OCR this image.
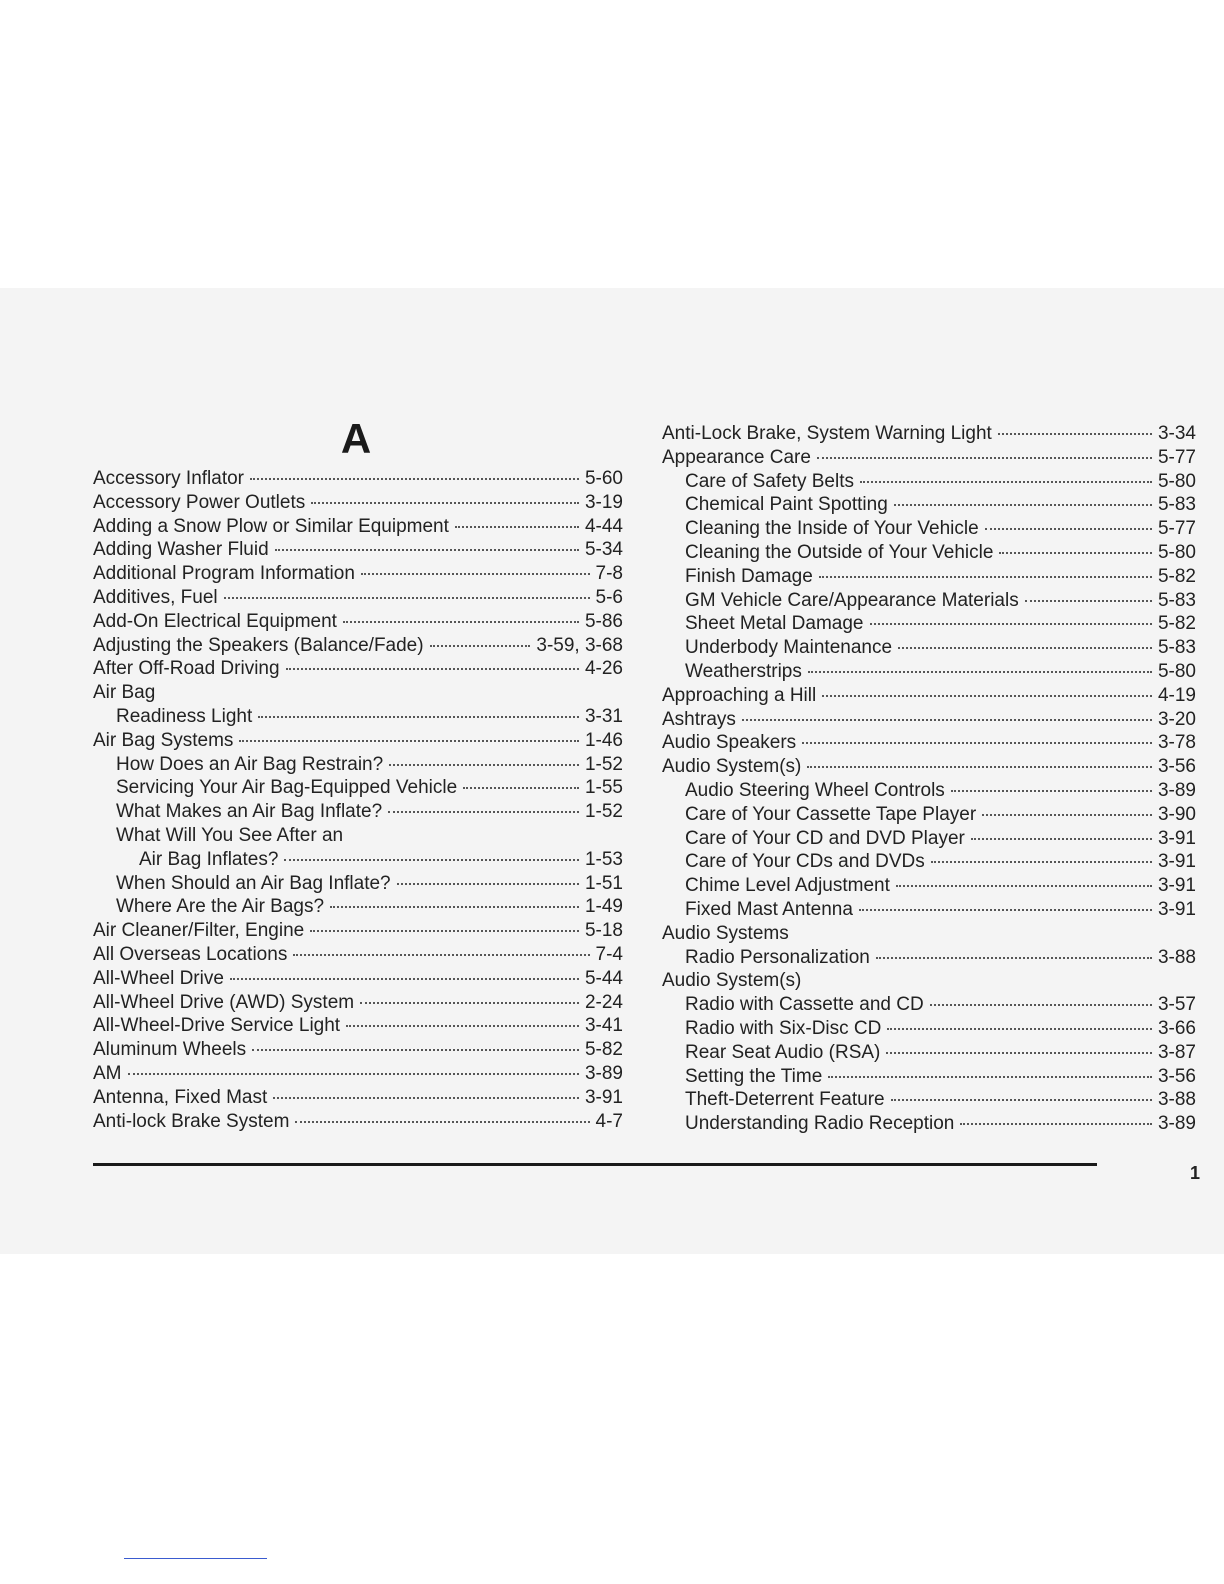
A
Accessory Inflator	5-60
Accessory Power Outlets	3-19
Adding a Snow Plow or Similar Equipment	4-44
Adding Washer Fluid	5-34
Additional Program Information	7-8
Additives, Fuel	5-6
Add-On Electrical Equipment	5-86
Adjusting the Speakers (Balance/Fade)	3-59, 3-68
After Off-Road Driving	4-26
Air Bag
Readiness Light	3-31
Air Bag Systems	1-46
How Does an Air Bag Restrain?	1-52
Servicing Your Air Bag-Equipped Vehicle	1-55
What Makes an Air Bag Inflate?	1-52
What Will You See After an
Air Bag Inflates?	1-53
When Should an Air Bag Inflate?	1-51
Where Are the Air Bags?	1-49
Air Cleaner/Filter, Engine	5-18
All Overseas Locations	7-4
All-Wheel Drive	5-44
All-Wheel Drive (AWD) System	2-24
All-Wheel-Drive Service Light	3-41
Aluminum Wheels	5-82
AM	3-89
Antenna, Fixed Mast	3-91
Anti-lock Brake System	4-7
Anti-Lock Brake, System Warning Light	3-34
Appearance Care	5-77
Care of Safety Belts	5-80
Chemical Paint Spotting	5-83
Cleaning the Inside of Your Vehicle	5-77
Cleaning the Outside of Your Vehicle	5-80
Finish Damage	5-82
GM Vehicle Care/Appearance Materials	5-83
Sheet Metal Damage	5-82
Underbody Maintenance	5-83
Weatherstrips	5-80
Approaching a Hill	4-19
Ashtrays	3-20
Audio Speakers	3-78
Audio System(s)	3-56
Audio Steering Wheel Controls	3-89
Care of Your Cassette Tape Player	3-90
Care of Your CD and DVD Player	3-91
Care of Your CDs and DVDs	3-91
Chime Level Adjustment	3-91
Fixed Mast Antenna	3-91
Audio Systems
Radio Personalization	3-88
Audio System(s)
Radio with Cassette and CD	3-57
Radio with Six-Disc CD	3-66
Rear Seat Audio (RSA)	3-87
Setting the Time	3-56
Theft-Deterrent Feature	3-88
Understanding Radio Reception	3-89
1
